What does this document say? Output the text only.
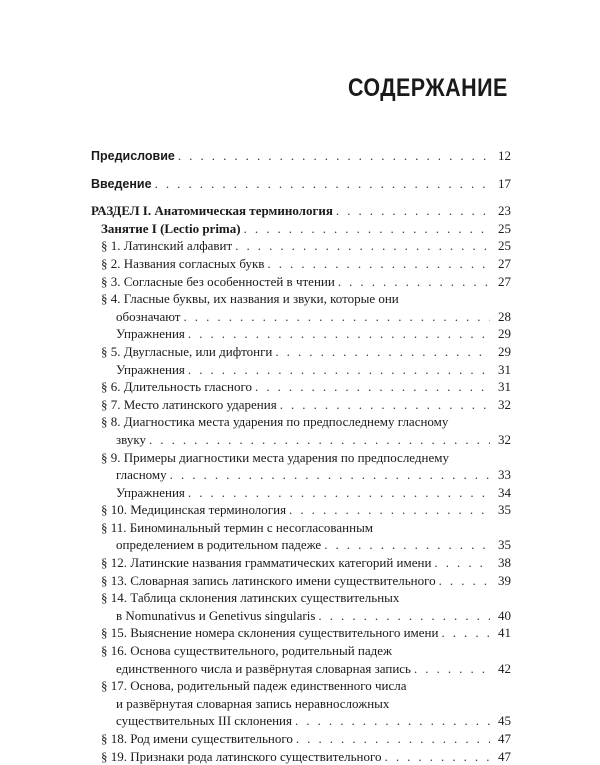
СОДЕРЖАНИЕ
Предисловие . . .	12
Введение . . .	17
РАЗДЕЛ I. Анатомическая терминология . . .	23
Занятие I (Lectio prima) . . .	25
§ 1. Латинский алфавит . . .	25
§ 2. Названия согласных букв . . .	27
§ 3. Согласные без особенностей в чтении . . .	27
§ 4. Гласные буквы, их названия и звуки, которые они
обозначают . . .	28
Упражнения . . .	29
§ 5. Двугласные, или дифтонги . . .	29
Упражнения . . .	31
§ 6. Длительность гласного . . .	31
§ 7. Место латинского ударения . . .	32
§ 8. Диагностика места ударения по предпоследнему гласному
звуку . . .	32
§ 9. Примеры диагностики места ударения по предпоследнему
гласному . . .	33
Упражнения . . .	34
§ 10. Медицинская терминология . . .	35
§ 11. Биноминальный термин с несогласованным
определением в родительном падеже . . .	35
§ 12. Латинские названия грамматических категорий имени . . .	38
§ 13. Словарная запись латинского имени существительного . . .	39
§ 14. Таблица склонения латинских существительных
в Nomunativus и Genetivus singularis . . .	40
§ 15. Выяснение номера склонения существительного имени . . .	41
§ 16. Основа существительного, родительный падеж
единственного числа и развёрнутая словарная запись . . .	42
§ 17. Основа, родительный падеж единственного числа
и развёрнутая словарная запись неравносложных
существительных III склонения . . .	45
§ 18. Род имени существительного . . .	47
§ 19. Признаки рода латинского существительного . . .	47
